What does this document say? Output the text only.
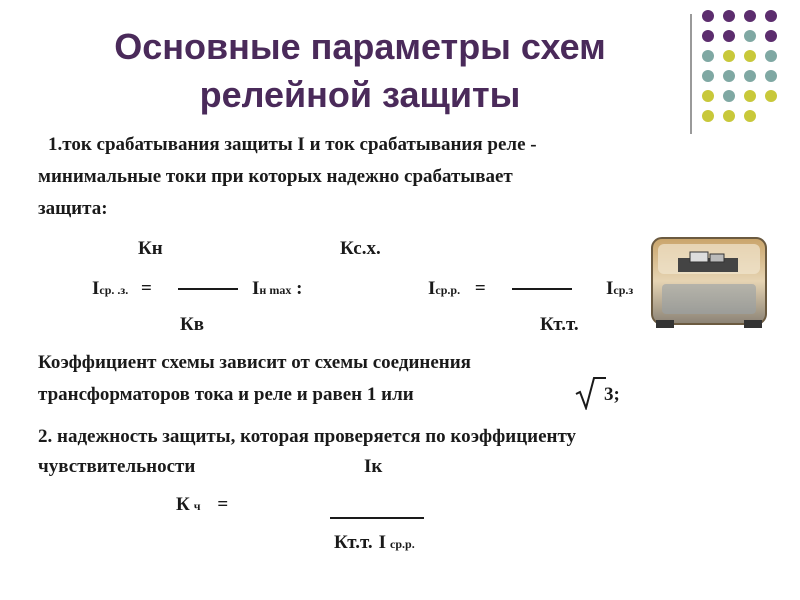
Основные параметры схем
релейной защиты
1.ток срабатывания защиты I и ток срабатывания реле -
минимальные токи при которых надежно срабатывает
защита:
Кн
Iср. .з. =	Iн max :
Кв
Кс.х.
Iср.р. =	Iср.з
Кт.т.
Коэффициент схемы зависит от схемы соединения
трансформаторов тока и реле и равен 1 или	3;
2. надежность защиты, которая проверяется по коэффициенту
чувствительности	Iк
Кч =
Кт.т. I ср.р.
